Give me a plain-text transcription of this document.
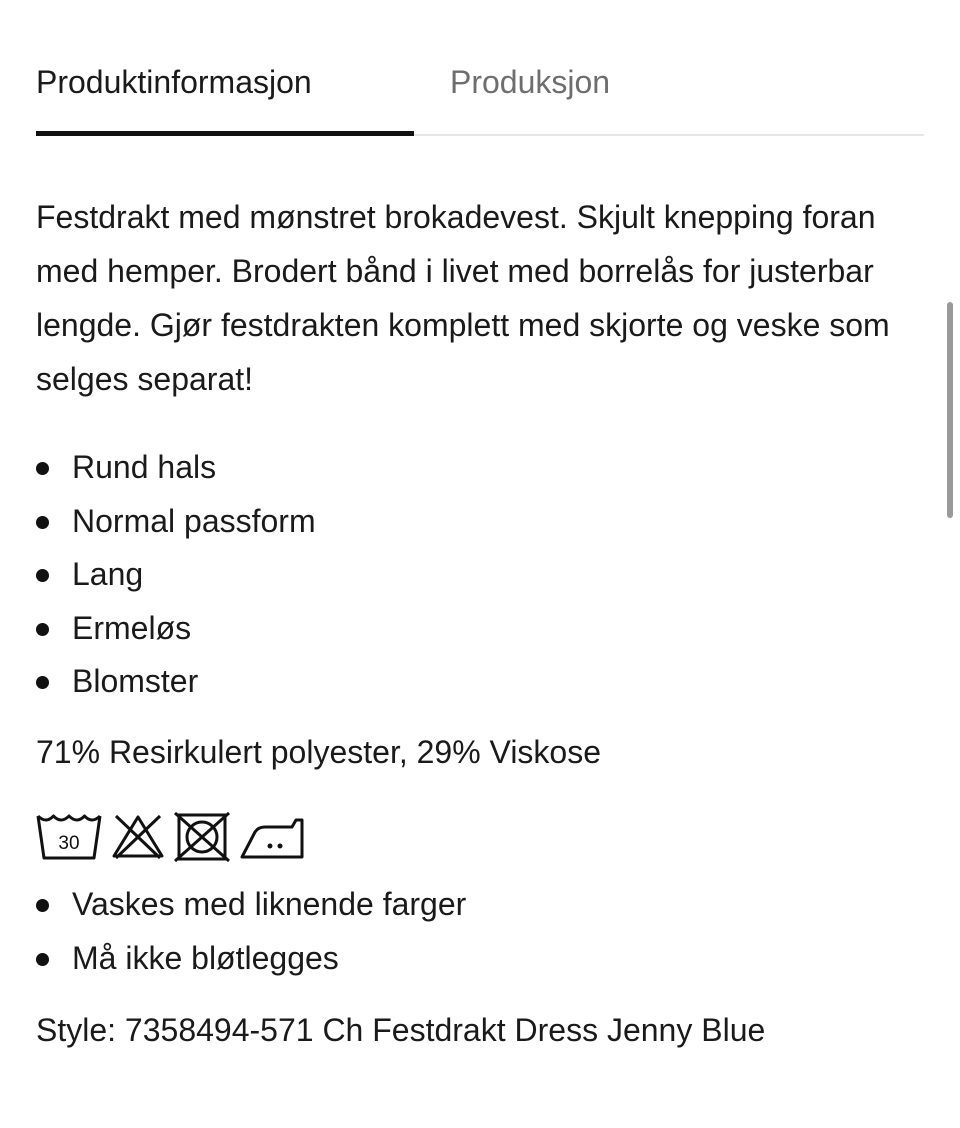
Produktinformasjon	Produksjon

Festdrakt med mønstret brokadevest. Skjult knepping foran med hemper. Brodert bånd i livet med borrelås for justerbar lengde. Gjør festdrakten komplett med skjorte og veske som selges separat!

Rund hals
Normal passform
Lang
Ermeløs
Blomster
71% Resirkulert polyester, 29% Viskose
30
Vaskes med liknende farger
Må ikke bløtlegges
Style: 7358494-571 Ch Festdrakt Dress Jenny Blue
